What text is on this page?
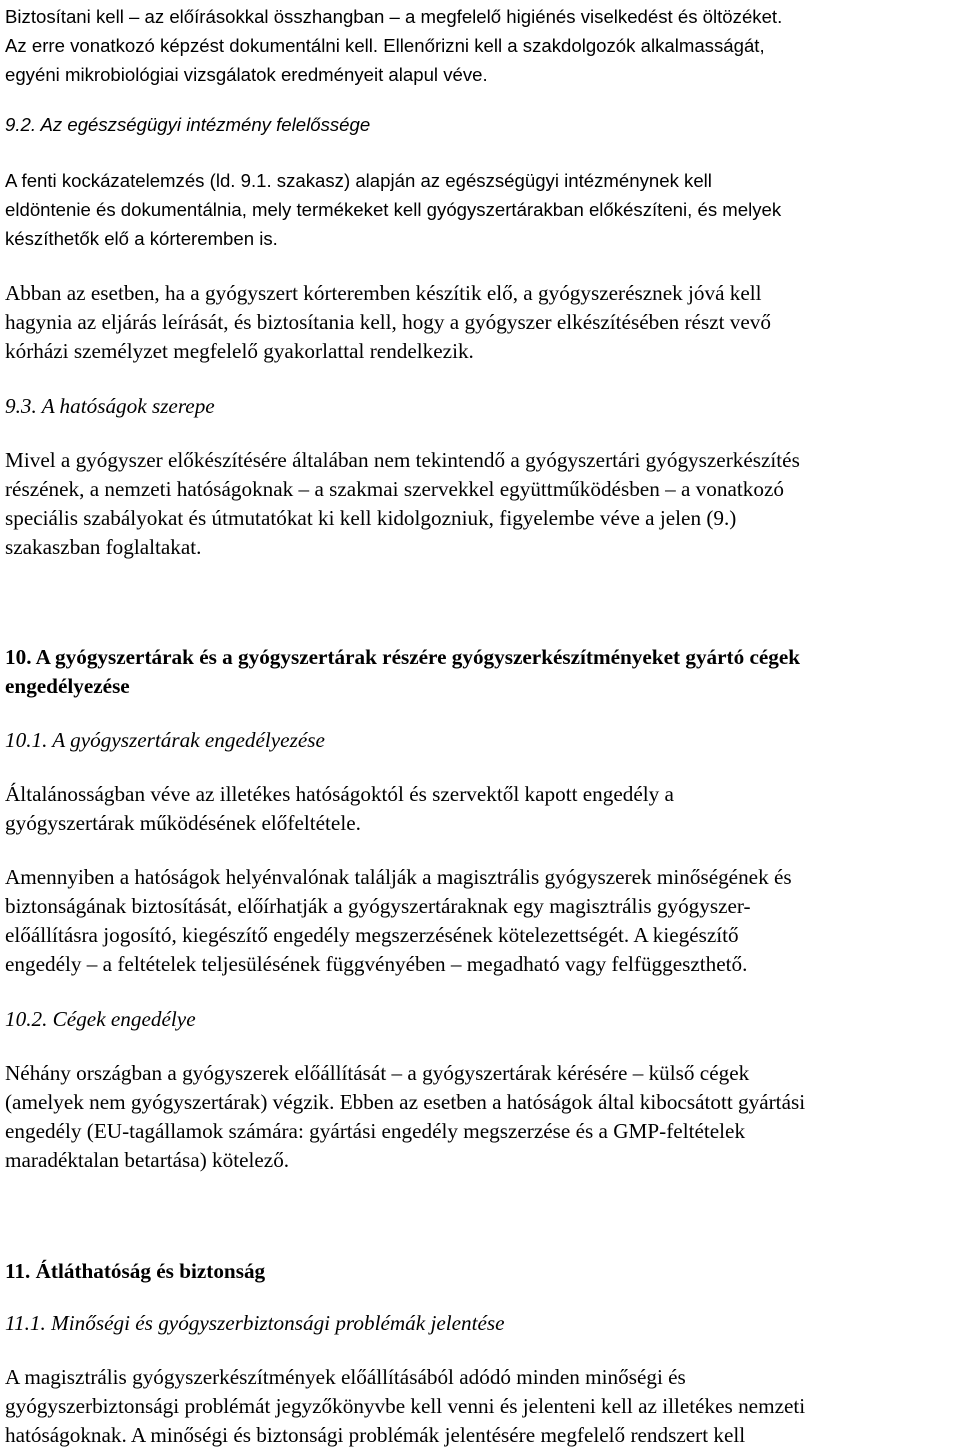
Biztosítani kell – az előírásokkal összhangban – a megfelelő higiénés viselkedést és öltözéket.
Az erre vonatkozó képzést dokumentálni kell. Ellenőrizni kell a szakdolgozók alkalmasságát,
egyéni mikrobiológiai vizsgálatok eredményeit alapul véve.

9.2. Az egészségügyi intézmény felelőssége

A fenti kockázatelemzés (ld. 9.1. szakasz) alapján az egészségügyi intézménynek kell
eldöntenie és dokumentálnia, mely termékeket kell gyógyszertárakban előkészíteni, és melyek
készíthetők elő a kórteremben is.

Abban az esetben, ha a gyógyszert kórteremben készítik elő, a gyógyszerésznek jóvá kell
hagynia az eljárás leírását, és biztosítania kell, hogy a gyógyszer elkészítésében részt vevő
kórházi személyzet megfelelő gyakorlattal rendelkezik.

9.3. A hatóságok szerepe

Mivel a gyógyszer előkészítésére általában nem tekintendő a gyógyszertári gyógyszerkészítés
részének, a nemzeti hatóságoknak – a szakmai szervekkel együttműködésben – a vonatkozó
speciális szabályokat és útmutatókat ki kell kidolgozniuk, figyelembe véve a jelen (9.)
szakaszban foglaltakat.

10. A gyógyszertárak és a gyógyszertárak részére gyógyszerkészítményeket gyártó cégek
engedélyezése

10.1. A gyógyszertárak engedélyezése

Általánosságban véve az illetékes hatóságoktól és szervektől kapott engedély a
gyógyszertárak működésének előfeltétele.

Amennyiben a hatóságok helyénvalónak találják a magisztrális gyógyszerek minőségének és
biztonságának biztosítását, előírhatják a gyógyszertáraknak egy magisztrális gyógyszer-
előállításra jogosító, kiegészítő engedély megszerzésének kötelezettségét. A kiegészítő
engedély – a feltételek teljesülésének függvényében – megadható vagy felfüggeszthető.

10.2. Cégek engedélye

Néhány országban a gyógyszerek előállítását – a gyógyszertárak kérésére – külső cégek
(amelyek nem gyógyszertárak) végzik. Ebben az esetben a hatóságok által kibocsátott gyártási
engedély (EU-tagállamok számára: gyártási engedély megszerzése és a GMP-feltételek
maradéktalan betartása) kötelező.

11. Átláthatóság és biztonság

11.1. Minőségi és gyógyszerbiztonsági problémák jelentése

A magisztrális gyógyszerkészítmények előállításából adódó minden minőségi és
gyógyszerbiztonsági problémát jegyzőkönyvbe kell venni és jelenteni kell az illetékes nemzeti
hatóságoknak. A minőségi és biztonsági problémák jelentésére megfelelő rendszert kell
